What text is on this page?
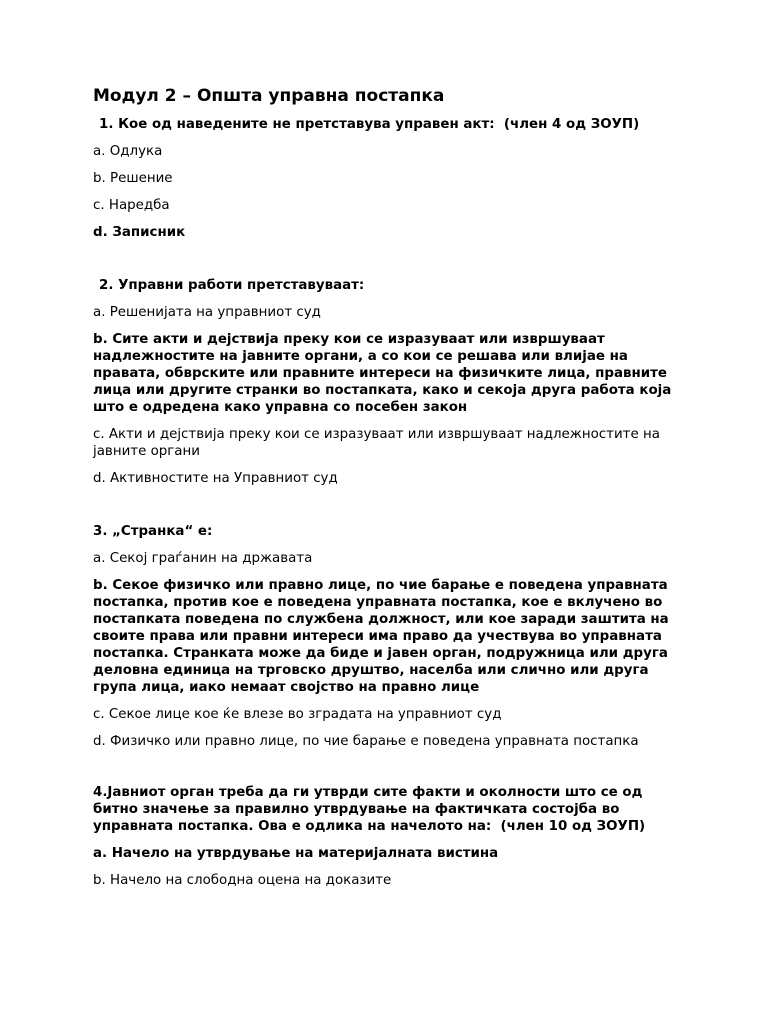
Модул 2 – Општа управна постапка
1. Кое од наведените не претставува управен акт:  (член 4 од ЗОУП)
a. Одлука
b. Решение
c. Наредба
d. Записник
2. Управни работи претставуваат:
a. Решенијата на управниот суд
b. Сите акти и дејствија преку кои се изразуваат или извршуваат надлежностите на јавните органи, а со кои се решава или влијае на правата, обврските или правните интереси на физичките лица, правните лица или другите странки во постапката, како и секоја друга работа која што е одредена како управна со посебен закон
c. Акти и дејствија преку кои се изразуваат или извршуваат надлежностите на јавните органи
d. Активностите на Управниот суд
3. „Странка“ е:
a. Секој граѓанин на државата
b. Секое физичко или правно лице, по чие барање е поведена управната постапка, против кое е поведена управната постапка, кое е вклучено во постапката поведена по службена должност, или кое заради заштита на своите права или правни интереси има право да учествува во управната постапка. Странката може да биде и јавен орган, подружница или друга деловна единица на трговско друштво, населба или слично или друга група лица, иако немаат својство на правно лице
c. Секое лице кое ќе влезе во зградата на управниот суд
d. Физичко или правно лице, по чие барање е поведена управната постапка
4.Јавниот орган треба да ги утврди сите факти и околности што се од битно значење за правилно утврдување на фактичката состојба во управната постапка. Ова е одлика на начелото на:  (член 10 од ЗОУП)
a. Начело на утврдување на материјалната вистина
b. Начело на слободна оцена на доказите
